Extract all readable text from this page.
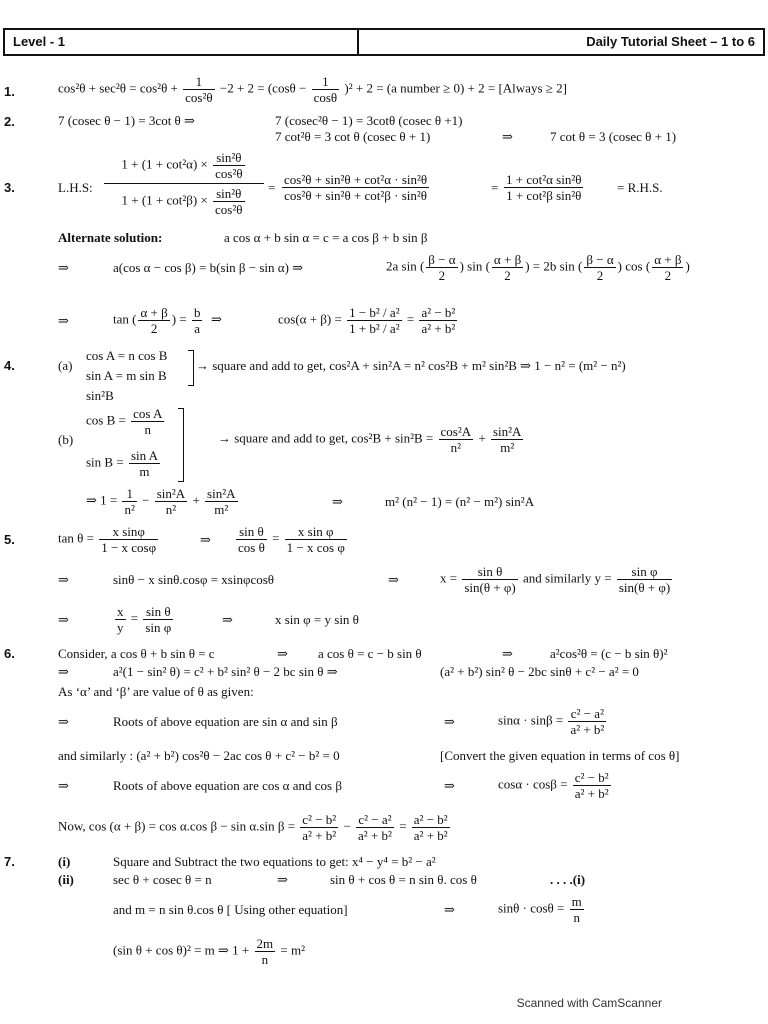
Level - 1	Daily Tutorial Sheet – 1 to 6
1.
2.
3.
4.
5.
6.
7.
$\cos^2\theta + \sec^2\theta = \cos^2\theta + \frac{1}{\text{cos²θ}} -2 + 2 = (\cos\theta - \frac{1}{\cos\theta} )^2 + 2 = (a$ number ≥ 0) + 2 = [Always ≥ 2]
7 (cosec θ − 1) = 3cot θ ⇒	7 (cosec²θ − 1) = 3cotθ (cosec θ +1)
7 cot²θ = 3 cot θ (cosec θ + 1)	⇒	7 cot θ = 3 (cosec θ + 1)
L.H.S:
$1 + (1 + \cot^2\alpha) \times \frac{\text{sin²θ}}{\text{cos²θ}}$
$1 + (1 + \cot^2\beta) \times \frac{\text{sin²θ}}{\text{cos²θ}} = \frac{\text{cos²θ + sin²θ + cot²α · sin²θ}}{\text{cos²θ + sin²θ + cot²β · sin²θ}}$	= $\frac{\text{1 + cot²α sin²θ}}{\text{1 + cot²β sin²θ}}$	= R.H.S.
Alternate solution:	a cos α + b sin α = c = a cos β + b sin β
⇒	a(cos α − cos β) = b(sin β − sin α) ⇒	2a sin ( $\frac{\beta - \alpha}{2}$ ) sin ( $\frac{\alpha + \beta}{2}$ ) = 2b sin ( $\frac{\beta - \alpha}{2}$ ) cos ( $\frac{\alpha + \beta}{2}$ )
⇒	tan ( $\frac{\alpha + \beta}{2}$ ) = $\frac{b}{a}$ ⇒	$\cos(\alpha + \beta) = \frac{\text{1 − b² / a²}}{\text{1 + b² / a²}} = \frac{\text{a² − b²}}{\text{a² + b²}}$
(a)
cos A = n cos B
sin A = m sin B
→ square and add to get, cos²A + sin²A = n² cos²B + m² sin²B ⇒ 1 − n² = (m² − n²)
sin²B
(b)
$\cos B = \frac{\text{cos A}}{n}$
$\sin B = \frac{\text{sin A}}{m}$
→ square and add to get, $\cos^2B + \sin^2B = \frac{\text{cos²A}}{\text{n²}} + \frac{\text{sin²A}}{\text{m²}}$
⇒ $1 = \frac{1}{\text{n²}} - \frac{\text{sin²A}}{\text{n²}} + \frac{\text{sin²A}}{\text{m²}}$	⇒	m² (n² − 1) = (n² − m²) sin²A
$\tan \theta = \frac{\text{x sinφ}}{\text{1 − x cosφ}}$	⇒ $\frac{\text{sin θ}}{\text{cos θ}} = \frac{\text{x sin φ}}{\text{1 − x cos φ}}$
⇒	sinθ − x sinθ.cosφ = xsinφcosθ	⇒	$x = \frac{\text{sin θ}}{\sin(\theta + \varphi)}$ and similarly $y = \frac{\text{sin φ}}{\sin(\theta + \varphi)}$
⇒	$\frac{x}{y} = \frac{\text{sin θ}}{\text{sin φ}}$	⇒	x sin φ = y sin θ
Consider, a cos θ + b sin θ = c	⇒ a cos θ = c − b sin θ	⇒	a²cos²θ = (c − b sin θ)²
⇒	a²(1 − sin² θ) = c² + b² sin² θ − 2 bc sin θ ⇒	(a² + b²) sin² θ − 2bc sinθ + c² − a² = 0
As ‘α’ and ‘β’ are value of θ as given:
⇒	Roots of above equation are sin α and sin β	⇒	$\sin\alpha \cdot \sin\beta = \frac{\text{c² − a²}}{\text{a² + b²}}$
and similarly : (a² + b²) cos²θ − 2ac cos θ + c² − b² = 0	[Convert the given equation in terms of cos θ]
⇒	Roots of above equation are cos α and cos β	⇒	$\cos\alpha \cdot \cos\beta = \frac{\text{c² − b²}}{\text{a² + b²}}$
Now, cos (α + β) = cos α.cos β − sin α.sin $\beta = \frac{\text{c² − b²}}{\text{a² + b²}} - \frac{\text{c² − a²}}{\text{a² + b²}} = \frac{\text{a² − b²}}{\text{a² + b²}}$
(i)	Square and Subtract the two equations to get: x⁴ − y⁴ = b² − a²
(ii)	sec θ + cosec θ = n	⇒	sin θ + cos θ = n sin θ. cos θ	. . . .(i)
and m = n sin θ.cos θ [ Using other equation]	⇒	$\sin\theta \cdot \cos\theta = \frac{m}{n}$
(sin θ + cos θ)² = m ⇒ $1 + \frac{2m}{n} = m^2$
Scanned with CamScanner
